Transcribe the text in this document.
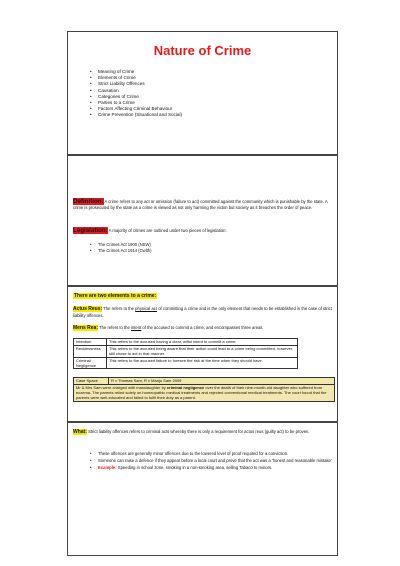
Nature of Crime
• Meaning of Crime
• Elements of Crime
• Strict Liability Offences
• Causation
• Categories of Crime
• Parties to a Crime
• Factors Affecting Criminal Behaviour
• Crime Prevention (Situational and Social)
Definition: A crime refers to any act or omission (failure to act) committed against the community which is punishable by the state. A crime is prosecuted by the state as a crime is viewed as not only harming the victim but society as it breaches the order of peace.
Legislation: A majority of crimes are outlined under two pieces of legislation:
• The Crimes Act 1900 (NSW)
• The Crimes Act 1914 (Cwlth)
There are two elements to a crime:
Actus Reus: The refers to the physical act of committing a crime and is the only element that needs to be established in the case of strict liability offences.
Mens Rea: The refers to the intent of the accused to commit a crime, and encompasses three areas
Intention	This refers to the accused having a clear, wilful intent to commit a crime.
Recklessness	This refers to the accused being aware that their action could lead to a crime being committed, however, still chose to act in that manner.
Criminal Negligence	This refers to the accused failure to foresee the risk at the time when they should have.
Case Space	R v Thomas Sam, R v Manju Sam 2009
Mr & Mrs Sam were charged with manslaughter by criminal negligence over the death of their nine-month-old daughter who suffered from eczema. The parents relied solely on homeopathic medical treatments and rejected conventional medical treatments. The court found that the parents were well-educated and failed to fulfil their duty as a parent.
What: Strict liability offences refers to criminal acts whereby there is only a requirement for actus reus (guilty act) to be proven.
• These offences are generally minor offences due to the lowered level of proof required for a conviction.
• Someone can raise a defence if they appear before a local court and prove that the act was a 'honest and reasonable mistake'
• Example: Speeding in school zone, smoking in a non-smoking area, selling Tabaco to minors.
